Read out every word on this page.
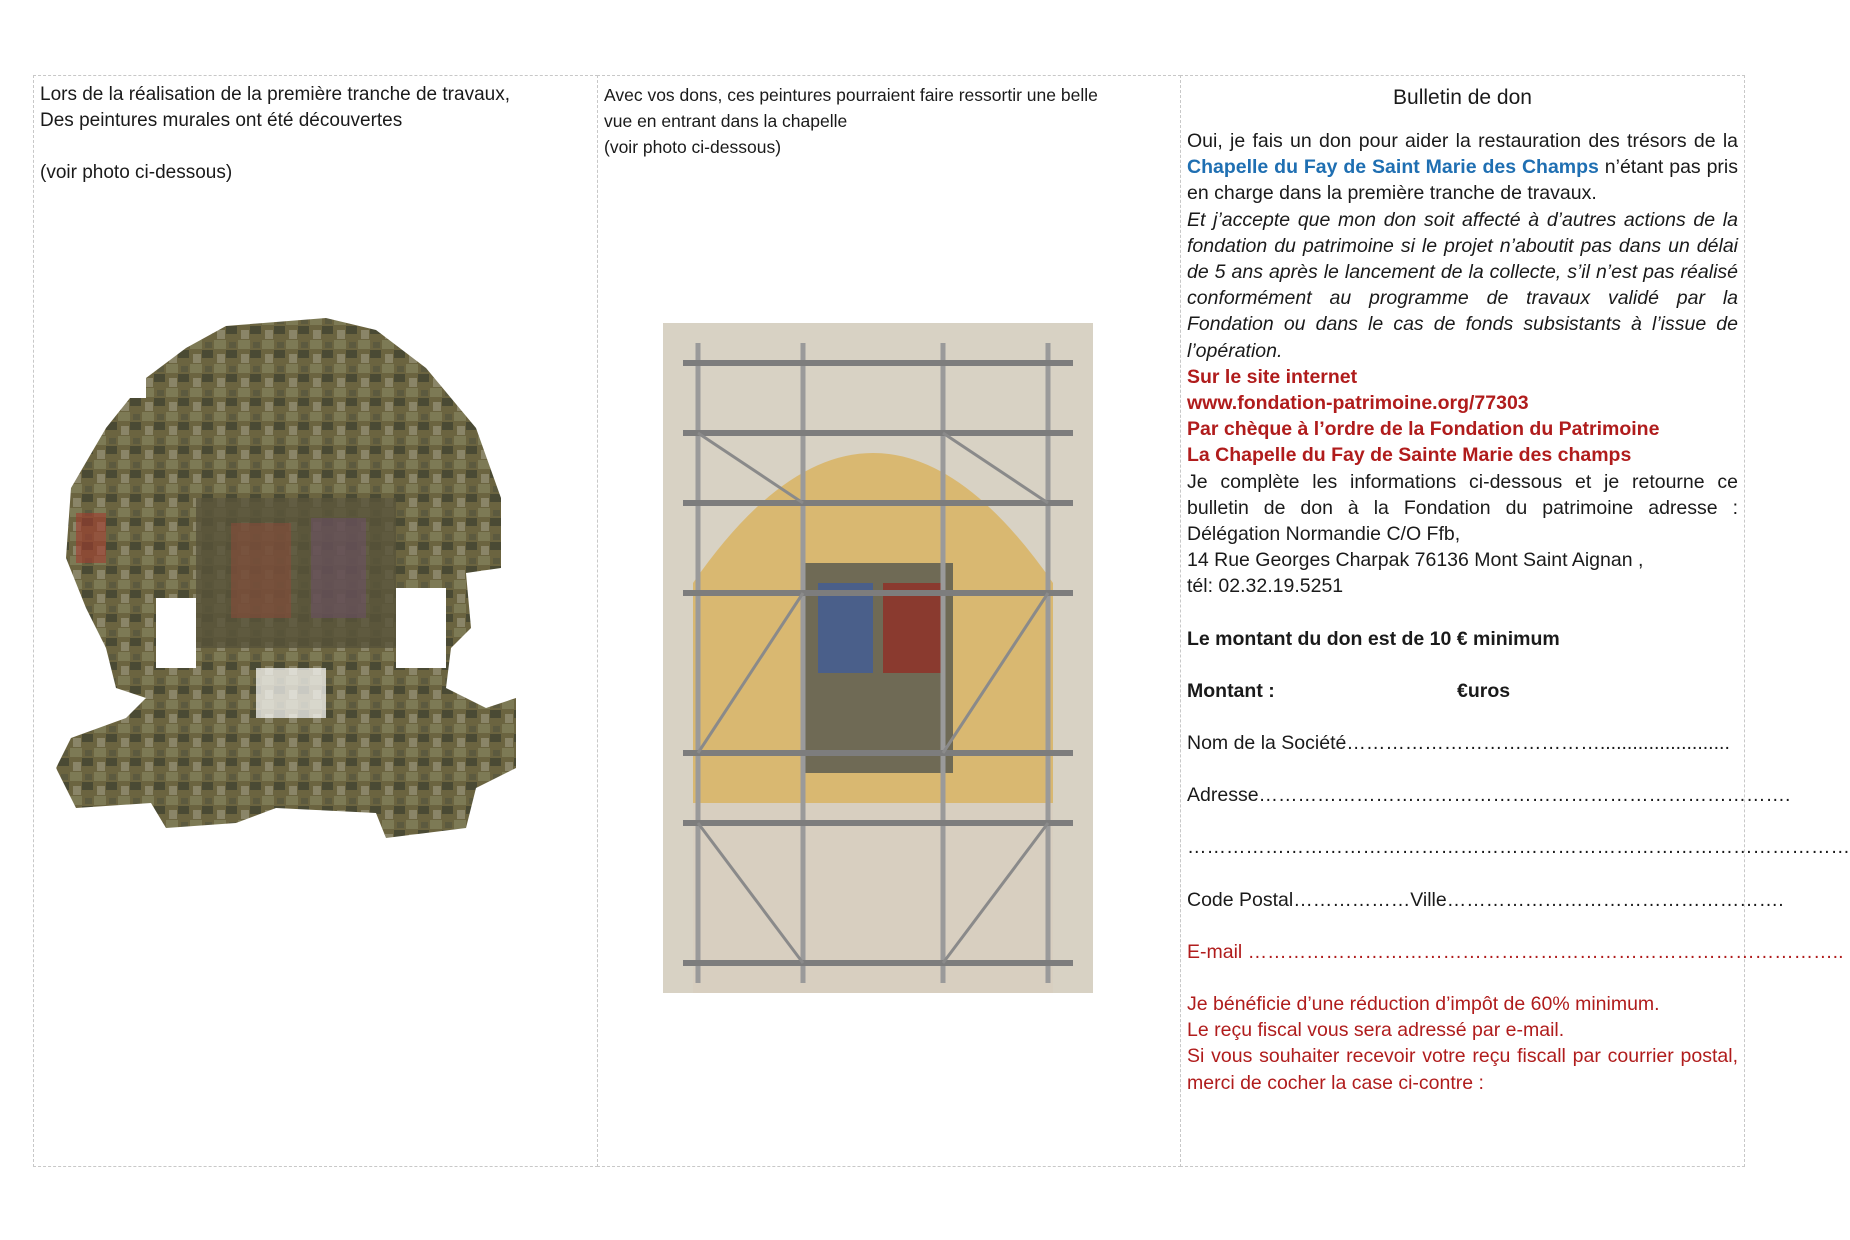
Lors de la réalisation de la première tranche de travaux,
Des peintures murales ont été découvertes

(voir photo ci-dessous)
Avec vos dons, ces peintures pourraient faire ressortir une belle
vue en entrant dans la chapelle
(voir photo ci-dessous)
Bulletin de don

Oui, je fais un don pour aider la restauration des trésors de la Chapelle du Fay de Saint Marie des Champs n’étant pas pris en charge dans la première tranche de travaux.

Et j’accepte que mon don soit affecté à d’autres actions de la fondation du patrimoine si le projet n’aboutit pas dans un délai de 5 ans après le lancement de la collecte, s’il n’est pas réalisé conformément au programme de travaux validé par la Fondation ou dans le cas de fonds subsistants à l’issue de l’opération.

Sur le site internet

www.fondation-patrimoine.org/77303

Par chèque à l’ordre de la Fondation du Patrimoine

La Chapelle du Fay de Sainte Marie des champs

Je complète les informations ci-dessous et je retourne ce bulletin de don à la Fondation du patrimoine adresse : Délégation Normandie C/O Ffb,

14 Rue Georges Charpak 76136 Mont Saint Aignan ,

tél: 02.32.19.5251

Le montant du don est de 10 € minimum

Montant :	€uros

Nom de la Société…………………………………........................

Adresse……………………………………………………………………….

…………………………………………………………………………………………

Code Postal………………Ville…………………………………………….

E-mail ………………………………………………………………………………..

Je bénéficie d’une réduction d’impôt de 60% minimum.

Le reçu fiscal vous sera adressé par e-mail.

Si vous souhaiter recevoir votre reçu fiscall par courrier postal, merci de cocher la case ci-contre :
